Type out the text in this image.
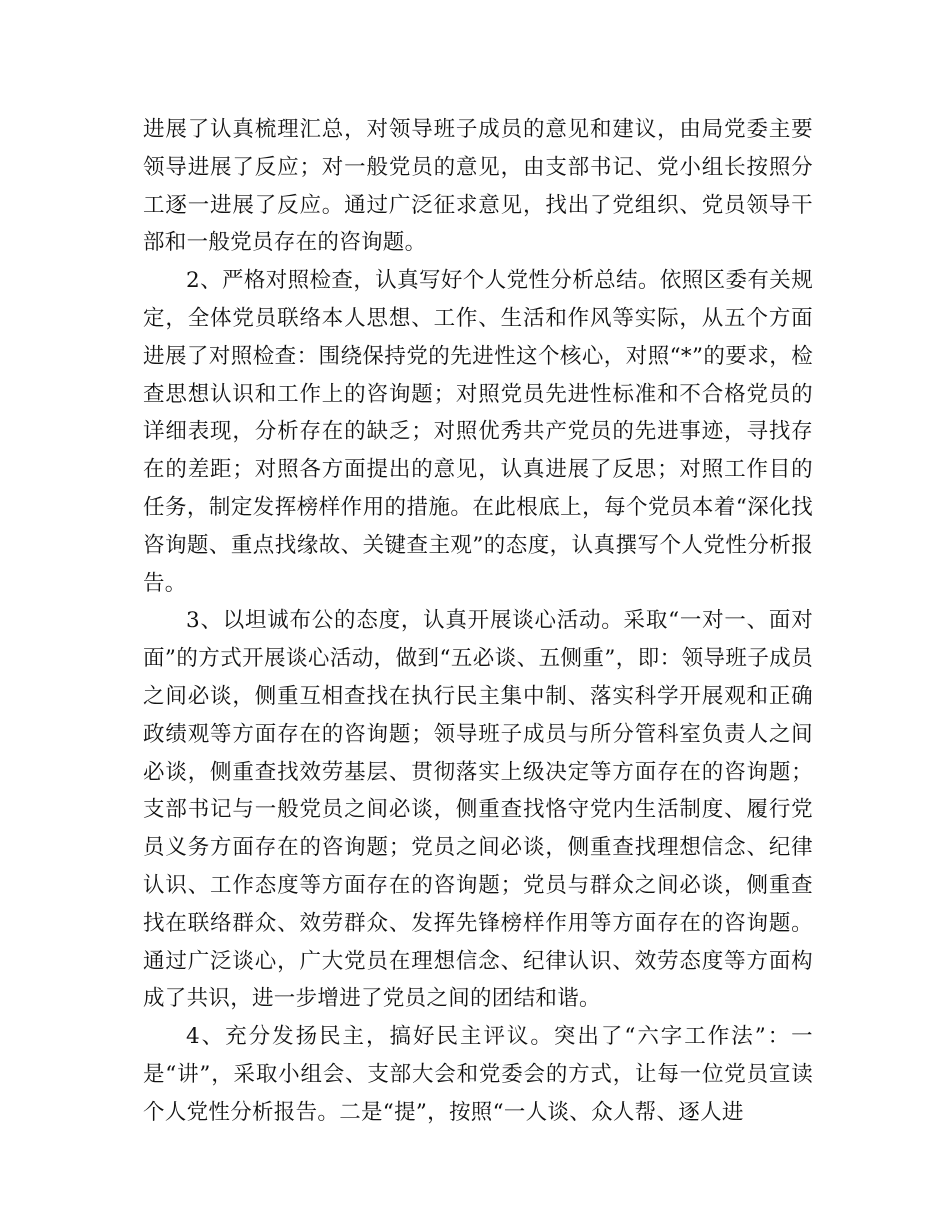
进展了认真梳理汇总，对领导班子成员的意见和建议，由局党委主要领导进展了反应；对一般党员的意见，由支部书记、党小组长按照分工逐一进展了反应。通过广泛征求意见，找出了党组织、党员领导干部和一般党员存在的咨询题。

2、严格对照检查，认真写好个人党性分析总结。依照区委有关规定，全体党员联络本人思想、工作、生活和作风等实际，从五个方面进展了对照检查：围绕保持党的先进性这个核心，对照“*”的要求，检查思想认识和工作上的咨询题；对照党员先进性标准和不合格党员的详细表现，分析存在的缺乏；对照优秀共产党员的先进事迹，寻找存在的差距；对照各方面提出的意见，认真进展了反思；对照工作目的任务，制定发挥榜样作用的措施。在此根底上，每个党员本着“深化找咨询题、重点找缘故、关键查主观”的态度，认真撰写个人党性分析报告。

3、以坦诚布公的态度，认真开展谈心活动。采取“一对一、面对面”的方式开展谈心活动，做到“五必谈、五侧重”，即：领导班子成员之间必谈，侧重互相查找在执行民主集中制、落实科学开展观和正确政绩观等方面存在的咨询题；领导班子成员与所分管科室负责人之间必谈，侧重查找效劳基层、贯彻落实上级决定等方面存在的咨询题；支部书记与一般党员之间必谈，侧重查找恪守党内生活制度、履行党员义务方面存在的咨询题；党员之间必谈，侧重查找理想信念、纪律认识、工作态度等方面存在的咨询题；党员与群众之间必谈，侧重查找在联络群众、效劳群众、发挥先锋榜样作用等方面存在的咨询题。通过广泛谈心，广大党员在理想信念、纪律认识、效劳态度等方面构成了共识，进一步增进了党员之间的团结和谐。

4、充分发扬民主，搞好民主评议。突出了“六字工作法”：一是“讲”，采取小组会、支部大会和党委会的方式，让每一位党员宣读个人党性分析报告。二是“提”，按照“一人谈、众人帮、逐人进
